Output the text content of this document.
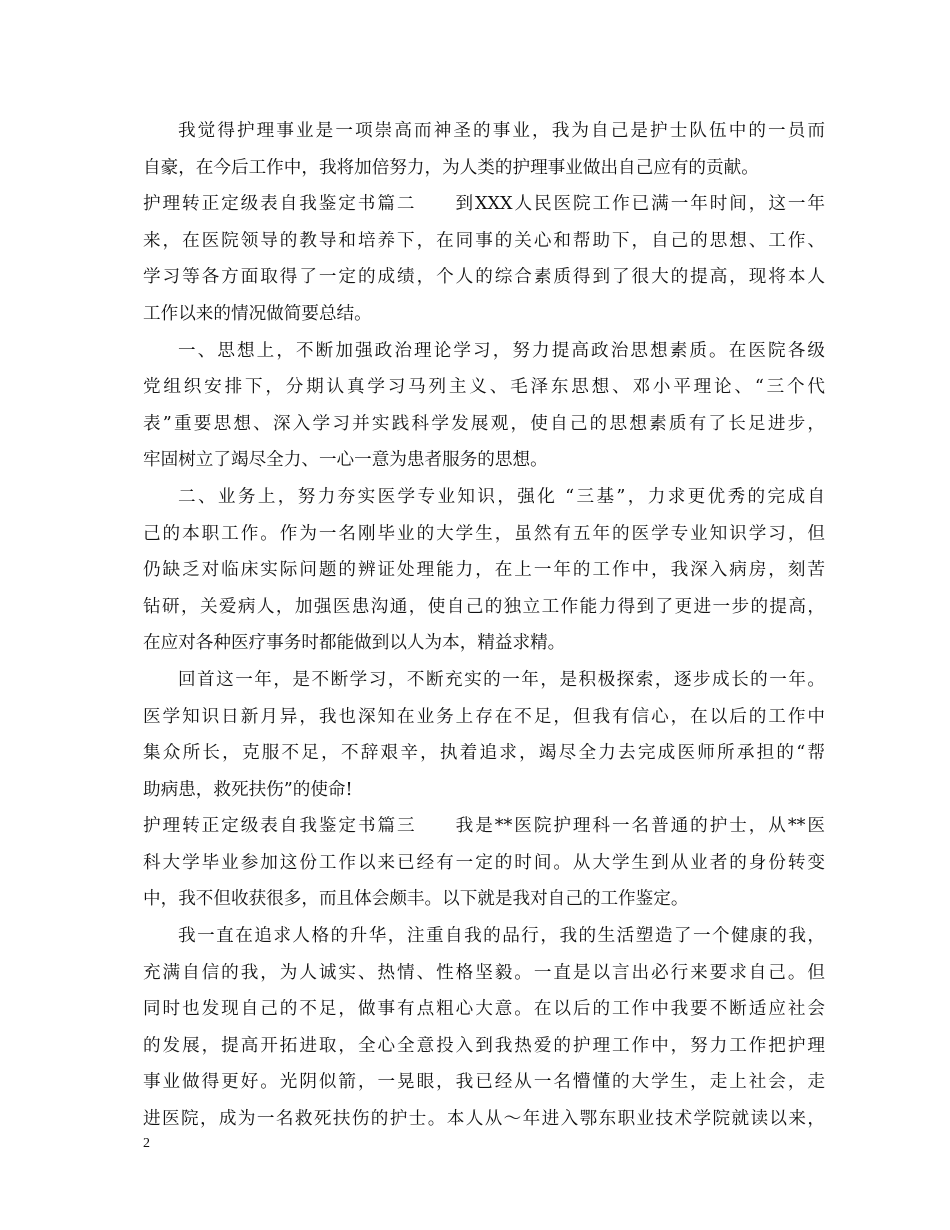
我觉得护理事业是一项崇高而神圣的事业，我为自己是护士队伍中的一员而
自豪，在今后工作中，我将加倍努力，为人类的护理事业做出自己应有的贡献。
护理转正定级表自我鉴定书篇二　　到XXX人民医院工作已满一年时间，这一年
来，在医院领导的教导和培养下，在同事的关心和帮助下，自己的思想、工作、
学习等各方面取得了一定的成绩，个人的综合素质得到了很大的提高，现将本人
工作以来的情况做简要总结。
一、思想上，不断加强政治理论学习，努力提高政治思想素质。在医院各级
党组织安排下，分期认真学习马列主义、毛泽东思想、邓小平理论、“三个代
表”重要思想、深入学习并实践科学发展观，使自己的思想素质有了长足进步，
牢固树立了竭尽全力、一心一意为患者服务的思想。
二、业务上，努力夯实医学专业知识，强化 “三基”，力求更优秀的完成自
己的本职工作。作为一名刚毕业的大学生，虽然有五年的医学专业知识学习，但
仍缺乏对临床实际问题的辨证处理能力，在上一年的工作中，我深入病房，刻苦
钻研，关爱病人，加强医患沟通，使自己的独立工作能力得到了更进一步的提高，
在应对各种医疗事务时都能做到以人为本，精益求精。
回首这一年，是不断学习，不断充实的一年，是积极探索，逐步成长的一年。
医学知识日新月异，我也深知在业务上存在不足，但我有信心，在以后的工作中
集众所长，克服不足，不辞艰辛，执着追求，竭尽全力去完成医师所承担的“帮
助病患，救死扶伤”的使命!
护理转正定级表自我鉴定书篇三　　我是**医院护理科一名普通的护士，从**医
科大学毕业参加这份工作以来已经有一定的时间。从大学生到从业者的身份转变
中，我不但收获很多，而且体会颇丰。以下就是我对自己的工作鉴定。
我一直在追求人格的升华，注重自我的品行，我的生活塑造了一个健康的我，
充满自信的我，为人诚实、热情、性格坚毅。一直是以言出必行来要求自己。但
同时也发现自己的不足，做事有点粗心大意。在以后的工作中我要不断适应社会
的发展，提高开拓进取，全心全意投入到我热爱的护理工作中，努力工作把护理
事业做得更好。光阴似箭，一晃眼，我已经从一名懵懂的大学生，走上社会，走
进医院，成为一名救死扶伤的护士。本人从～年进入鄂东职业技术学院就读以来，
2
